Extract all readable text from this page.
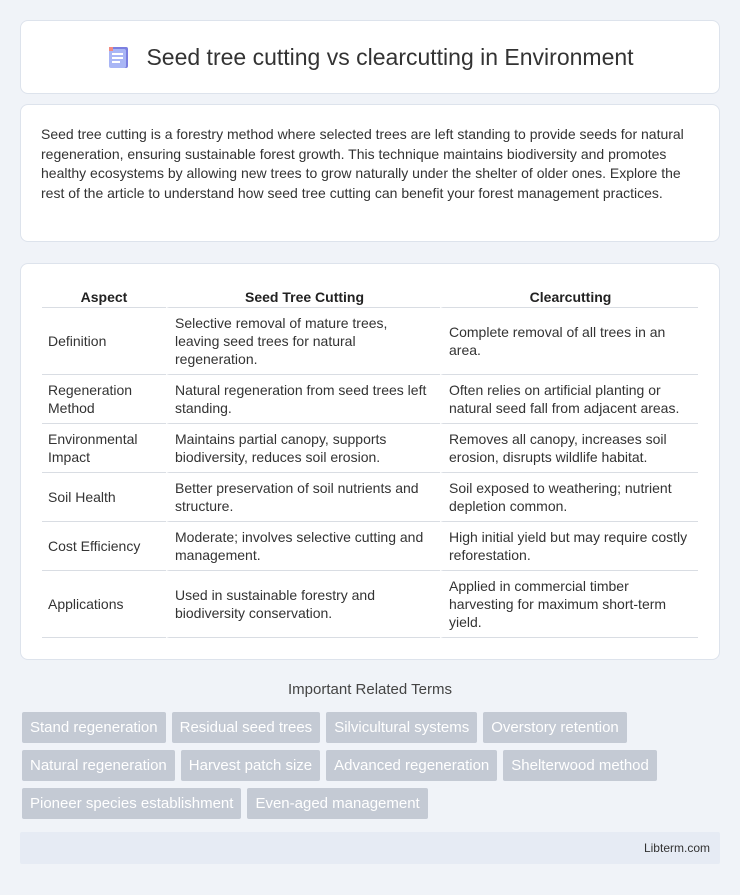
Seed tree cutting vs clearcutting in Environment

Seed tree cutting is a forestry method where selected trees are left standing to provide seeds for natural regeneration, ensuring sustainable forest growth. This technique maintains biodiversity and promotes healthy ecosystems by allowing new trees to grow naturally under the shelter of older ones. Explore the rest of the article to understand how seed tree cutting can benefit your forest management practices.

Aspect	Seed Tree Cutting	Clearcutting
Definition	Selective removal of mature trees, leaving seed trees for natural regeneration.	Complete removal of all trees in an area.
Regeneration Method	Natural regeneration from seed trees left standing.	Often relies on artificial planting or natural seed fall from adjacent areas.
Environmental Impact	Maintains partial canopy, supports biodiversity, reduces soil erosion.	Removes all canopy, increases soil erosion, disrupts wildlife habitat.
Soil Health	Better preservation of soil nutrients and structure.	Soil exposed to weathering; nutrient depletion common.
Cost Efficiency	Moderate; involves selective cutting and management.	High initial yield but may require costly reforestation.
Applications	Used in sustainable forestry and biodiversity conservation.	Applied in commercial timber harvesting for maximum short-term yield.
Important Related Terms
Stand regeneration	Residual seed trees	Silvicultural systems	Overstory retention
Natural regeneration	Harvest patch size	Advanced regeneration	Shelterwood method
Pioneer species establishment	Even-aged management
Libterm.com
